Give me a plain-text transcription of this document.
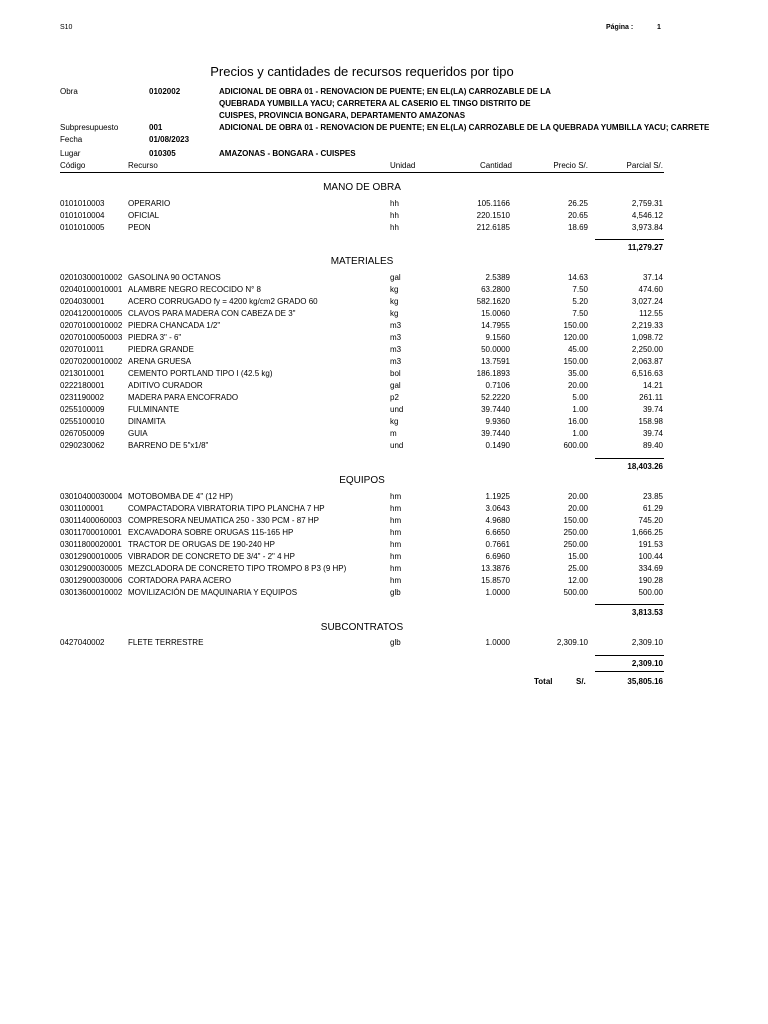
S10	Página :	1
Precios y cantidades de recursos requeridos por tipo
Obra	0102002	ADICIONAL DE OBRA 01 - RENOVACION DE PUENTE; EN EL(LA) CARROZABLE DE LA
QUEBRADA YUMBILLA YACU; CARRETERA AL CASERIO EL TINGO DISTRITO DE
CUISPES, PROVINCIA BONGARA, DEPARTAMENTO AMAZONAS
Subpresupuesto	001	ADICIONAL DE OBRA 01 - RENOVACION DE PUENTE; EN EL(LA) CARROZABLE DE LA QUEBRADA YUMBILLA YACU; CARRETE
Fecha	01/08/2023
Lugar	010305	AMAZONAS - BONGARA - CUISPES
Código	Recurso	Unidad	Cantidad	Precio S/.	Parcial S/.
MANO DE OBRA
0101010003	OPERARIO	hh	105.1166	26.25	2,759.31
0101010004	OFICIAL	hh	220.1510	20.65	4,546.12
0101010005	PEON	hh	212.6185	18.69	3,973.84
11,279.27
MATERIALES
02010300010002 GASOLINA 90 OCTANOS	gal	2.5389	14.63	37.14
02040100010001 ALAMBRE NEGRO RECOCIDO N° 8	kg	63.2800	7.50	474.60
0204030001	ACERO CORRUGADO fy = 4200 kg/cm2 GRADO 60	kg	582.1620	5.20	3,027.24
02041200010005 CLAVOS PARA MADERA CON CABEZA DE 3"	kg	15.0060	7.50	112.55
02070100010002 PIEDRA CHANCADA 1/2"	m3	14.7955	150.00	2,219.33
02070100050003 PIEDRA 3" - 6"	m3	9.1560	120.00	1,098.72
0207010011	PIEDRA GRANDE	m3	50.0000	45.00	2,250.00
02070200010002 ARENA GRUESA	m3	13.7591	150.00	2,063.87
0213010001	CEMENTO PORTLAND TIPO I (42.5 kg)	bol	186.1893	35.00	6,516.63
0222180001	ADITIVO CURADOR	gal	0.7106	20.00	14.21
0231190002	MADERA PARA ENCOFRADO	p2	52.2220	5.00	261.11
0255100009	FULMINANTE	und	39.7440	1.00	39.74
0255100010	DINAMITA	kg	9.9360	16.00	158.98
0267050009	GUIA	m	39.7440	1.00	39.74
0290230062	BARRENO DE 5"x1/8"	und	0.1490	600.00	89.40
18,403.26
EQUIPOS
03010400030004 MOTOBOMBA DE 4" (12 HP)	hm	1.1925	20.00	23.85
0301100001	COMPACTADORA VIBRATORIA TIPO PLANCHA 7 HP	hm	3.0643	20.00	61.29
03011400060003 COMPRESORA NEUMATICA 250 - 330 PCM - 87 HP	hm	4.9680	150.00	745.20
03011700010001 EXCAVADORA SOBRE ORUGAS 115-165 HP	hm	6.6650	250.00	1,666.25
03011800020001 TRACTOR DE ORUGAS DE 190-240 HP	hm	0.7661	250.00	191.53
03012900010005 VIBRADOR DE CONCRETO DE 3/4" - 2" 4 HP	hm	6.6960	15.00	100.44
03012900030005 MEZCLADORA DE CONCRETO TIPO TROMPO 8 P3 (9 HP)	hm	13.3876	25.00	334.69
03012900030006 CORTADORA PARA ACERO	hm	15.8570	12.00	190.28
03013600010002 MOVILIZACIÓN DE MAQUINARIA Y EQUIPOS	glb	1.0000	500.00	500.00
3,813.53
SUBCONTRATOS
0427040002	FLETE TERRESTRE	glb	1.0000	2,309.10	2,309.10
2,309.10
Total	S/.	35,805.16
